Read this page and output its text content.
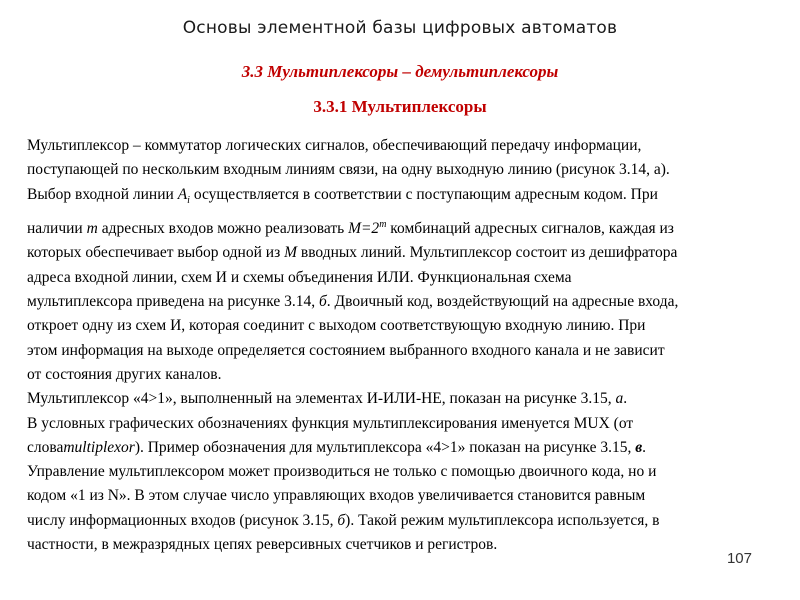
Основы элементной базы цифровых автоматов
3.3 Мультиплексоры – демультиплексоры
3.3.1 Мультиплексоры
Мультиплексор – коммутатор логических сигналов, обеспечивающий передачу информации,
поступающей по нескольким входным линиям связи, на одну выходную линию (рисунок 3.14, а).
Выбор входной линии $A_i$ осуществляется в соответствии с поступающим адресным кодом. При
наличии m адресных входов можно реализовать $M=2^m$ комбинаций адресных сигналов, каждая из
которых обеспечивает выбор одной из M вводных линий. Мультиплексор состоит из дешифратора
адреса входной линии, схем И и схемы объединения ИЛИ. Функциональная схема
мультиплексора приведена на рисунке 3.14, б. Двоичный код, воздействующий на адресные входа,
откроет одну из схем И, которая соединит с выходом соответствующую входную линию. При
этом информация на выходе определяется состоянием выбранного входного канала и не зависит
от состояния других каналов.
Мультиплексор «4>1», выполненный на элементах И-ИЛИ-НЕ, показан на рисунке 3.15, а.
В условных графических обозначениях функция мультиплексирования именуется MUX (от
словаmultiplexor). Пример обозначения для мультиплексора «4>1» показан на рисунке 3.15, в.
Управление мультиплексором может производиться не только с помощью двоичного кода, но и
кодом «1 из N». В этом случае число управляющих входов увеличивается становится равным
числу информационных входов (рисунок 3.15, б). Такой режим мультиплексора используется, в
частности, в межразрядных цепях реверсивных счетчиков и регистров.
107
